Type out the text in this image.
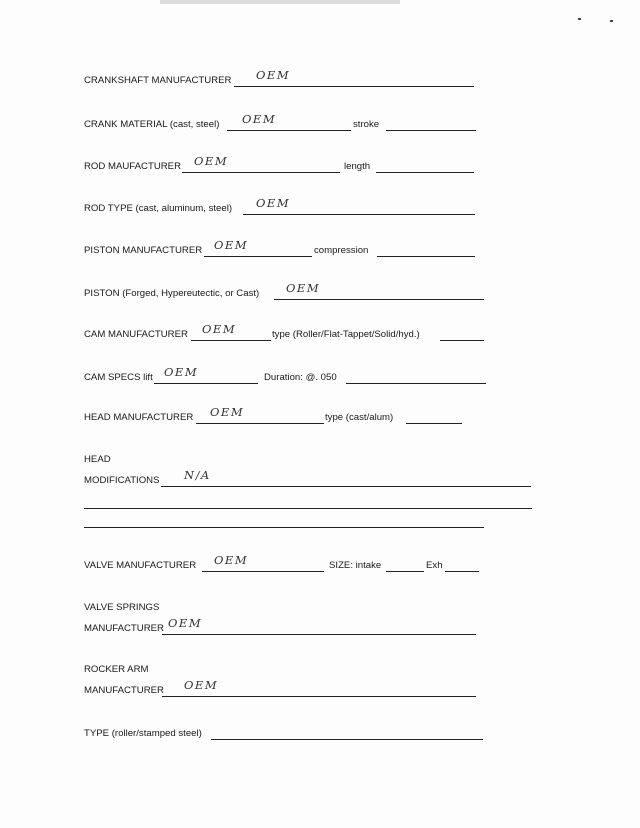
CRANKSHAFT MANUFACTURER OEM
CRANK MATERIAL (cast, steel) OEM	stroke
ROD MAUFACTURER OEM	length
ROD TYPE (cast, aluminum, steel) OEM
PISTON MANUFACTURER OEM	compression
PISTON (Forged, Hypereutectic, or Cast) OEM
CAM MANUFACTURER OEM	type (Roller/Flat-Tappet/Solid/hyd.)
CAM SPECS lift OEM	Duration: @. 050
HEAD MANUFACTURER OEM	type (cast/alum)
HEAD
MODIFICATIONS N/A
VALVE MANUFACTURER OEM	SIZE: intake	Exh
VALVE SPRINGS
MANUFACTURER OEM
ROCKER ARM
MANUFACTURER OEM
TYPE (roller/stamped steel)
